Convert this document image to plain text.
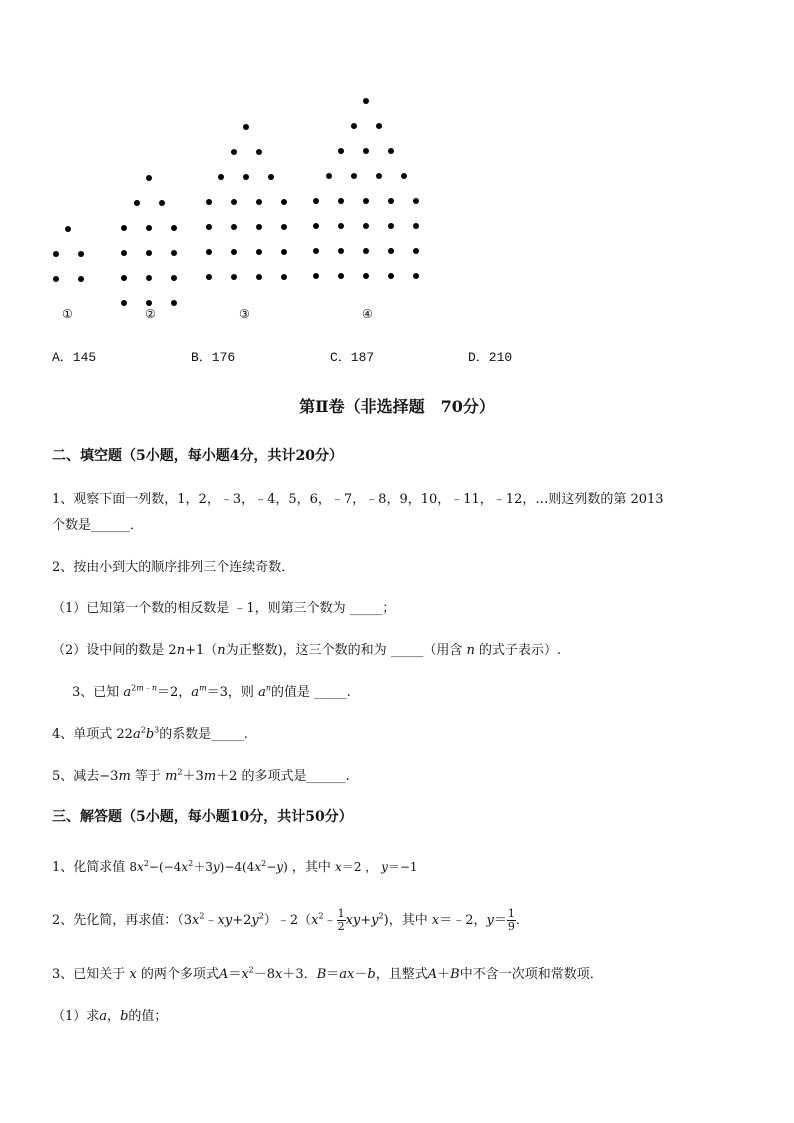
①	②	③	④
A．145	B．176	C．187	D．210
第Ⅱ卷（非选择题　70分）
二、填空题（5小题，每小题4分，共计20分）
1、观察下面一列数，1，2，﹣3，﹣4，5，6，﹣7，﹣8，9，10，﹣11，﹣12，…则这列数的第 2013
个数是______．
2、按由小到大的顺序排列三个连续奇数．
（1）已知第一个数的相反数是 ﹣1，则第三个数为 _____；
（2）设中间的数是 2n+1（n为正整数)，这三个数的和为 _____（用含 n 的式子表示）.
3、已知 $a^{2m﹣n}=2$，$a^m=3$，则 $a^n$的值是 _____.
4、单项式 $22a^2b^3$的系数是_____.
5、减去−3m 等于 $m^2+3m+2$ 的多项式是______.
三、解答题（5小题，每小题10分，共计50分）
1、化简求值 $8x^2-(-4x^2+3y)-4(4x^2-y)$ ，其中 x＝2 ， y＝−1
2、先化简，再求值：$(3x^2﹣xy+2y^2)﹣2(x^2﹣ \frac{1}{2} xy+y^2)$，其中 x＝﹣2，$y= \frac{1}{9}$ ．
3、已知关于 x 的两个多项式$A=x^2-8x+3$．B＝ax－b，且整式A＋B中不含一次项和常数项．
（1）求a，b的值；
